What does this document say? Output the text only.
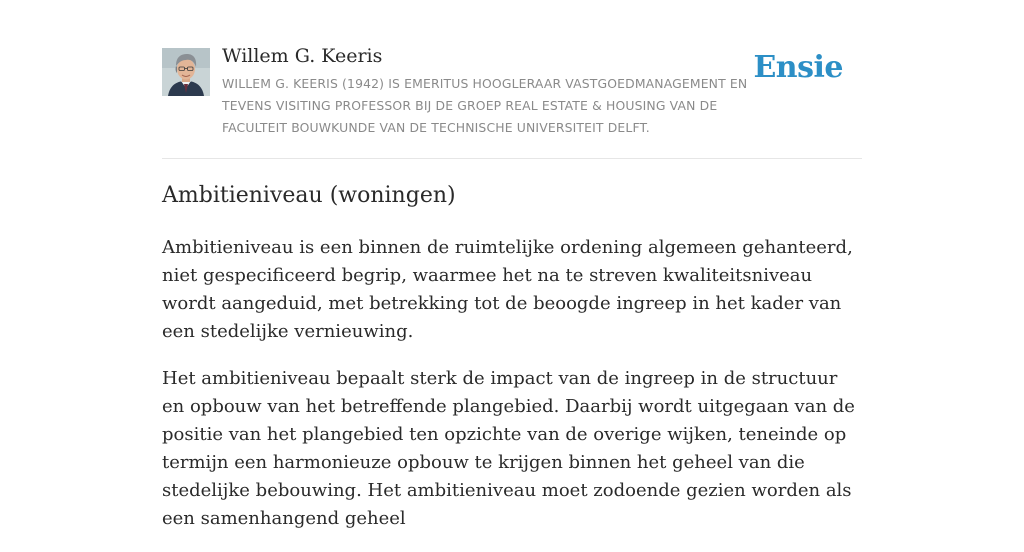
Willem G. Keeris
WILLEM G. KEERIS (1942) IS EMERITUS HOOGLERAAR VASTGOEDMANAGEMENT EN TEVENS VISITING PROFESSOR BIJ DE GROEP REAL ESTATE & HOUSING VAN DE FACULTEIT BOUWKUNDE VAN DE TECHNISCHE UNIVERSITEIT DELFT.
Ensie
Ambitieniveau (woningen)

Ambitieniveau is een binnen de ruimtelijke ordening algemeen gehanteerd, niet gespecificeerd begrip, waarmee het na te streven kwaliteitsniveau wordt aangeduid, met betrekking tot de beoogde ingreep in het kader van een stedelijke vernieuwing.

Het ambitieniveau bepaalt sterk de impact van de ingreep in de structuur en opbouw van het betreffende plangebied. Daarbij wordt uitgegaan van de positie van het plangebied ten opzichte van de overige wijken, teneinde op termijn een harmonieuze opbouw te krijgen binnen het geheel van die stedelijke bebouwing. Het ambitieniveau moet zodoende gezien worden als een samenhangend geheel
